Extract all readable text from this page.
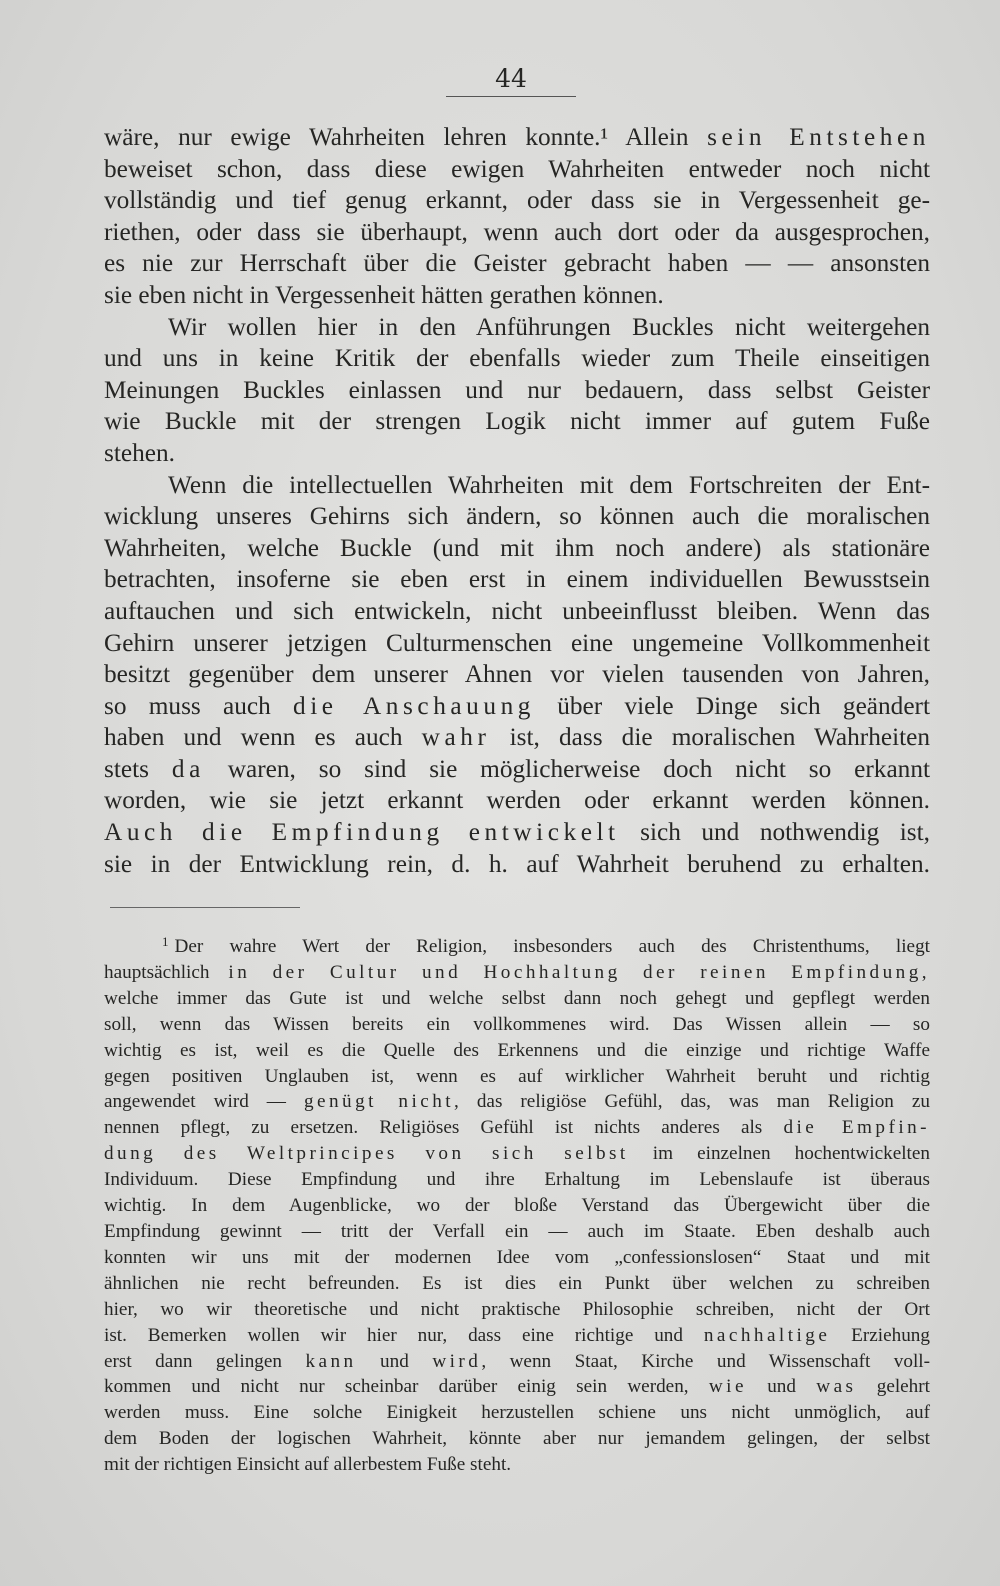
44
wäre, nur ewige Wahrheiten lehren konnte.¹ Allein sein Entstehen
beweiset schon, dass diese ewigen Wahrheiten entweder noch nicht
vollständig und tief genug erkannt, oder dass sie in Vergessenheit ge-
riethen, oder dass sie überhaupt, wenn auch dort oder da ausgesprochen,
es nie zur Herrschaft über die Geister gebracht haben — — ansonsten
sie eben nicht in Vergessenheit hätten gerathen können.
Wir wollen hier in den Anführungen Buckles nicht weitergehen
und uns in keine Kritik der ebenfalls wieder zum Theile einseitigen
Meinungen Buckles einlassen und nur bedauern, dass selbst Geister
wie Buckle mit der strengen Logik nicht immer auf gutem Fuße
stehen.
Wenn die intellectuellen Wahrheiten mit dem Fortschreiten der Ent-
wicklung unseres Gehirns sich ändern, so können auch die moralischen
Wahrheiten, welche Buckle (und mit ihm noch andere) als stationäre
betrachten, insoferne sie eben erst in einem individuellen Bewusstsein
auftauchen und sich entwickeln, nicht unbeeinflusst bleiben. Wenn das
Gehirn unserer jetzigen Culturmenschen eine ungemeine Vollkommenheit
besitzt gegenüber dem unserer Ahnen vor vielen tausenden von Jahren,
so muss auch die Anschauung über viele Dinge sich geändert
haben und wenn es auch wahr ist, dass die moralischen Wahrheiten
stets da waren, so sind sie möglicherweise doch nicht so erkannt
worden, wie sie jetzt erkannt werden oder erkannt werden können.
Auch die Empfindung entwickelt sich und nothwendig ist,
sie in der Entwicklung rein, d. h. auf Wahrheit beruhend zu erhalten.
$^1$ Der wahre Wert der Religion, insbesonders auch des Christenthums, liegt
hauptsächlich in der Cultur und Hochhaltung der reinen Empfindung,
welche immer das Gute ist und welche selbst dann noch gehegt und gepflegt werden
soll, wenn das Wissen bereits ein vollkommenes wird. Das Wissen allein — so
wichtig es ist, weil es die Quelle des Erkennens und die einzige und richtige Waffe
gegen positiven Unglauben ist, wenn es auf wirklicher Wahrheit beruht und richtig
angewendet wird — genügt nicht, das religiöse Gefühl, das, was man Religion zu
nennen pflegt, zu ersetzen. Religiöses Gefühl ist nichts anderes als die Empfin-
dung des Weltprincipes von sich selbst im einzelnen hochentwickelten
Individuum. Diese Empfindung und ihre Erhaltung im Lebenslaufe ist überaus
wichtig. In dem Augenblicke, wo der bloße Verstand das Übergewicht über die
Empfindung gewinnt — tritt der Verfall ein — auch im Staate. Eben deshalb auch
konnten wir uns mit der modernen Idee vom „confessionslosen“ Staat und mit
ähnlichen nie recht befreunden. Es ist dies ein Punkt über welchen zu schreiben
hier, wo wir theoretische und nicht praktische Philosophie schreiben, nicht der Ort
ist. Bemerken wollen wir hier nur, dass eine richtige und nachhaltige Erziehung
erst dann gelingen kann und wird, wenn Staat, Kirche und Wissenschaft voll-
kommen und nicht nur scheinbar darüber einig sein werden, wie und was gelehrt
werden muss. Eine solche Einigkeit herzustellen schiene uns nicht unmöglich, auf
dem Boden der logischen Wahrheit, könnte aber nur jemandem gelingen, der selbst
mit der richtigen Einsicht auf allerbestem Fuße steht.
